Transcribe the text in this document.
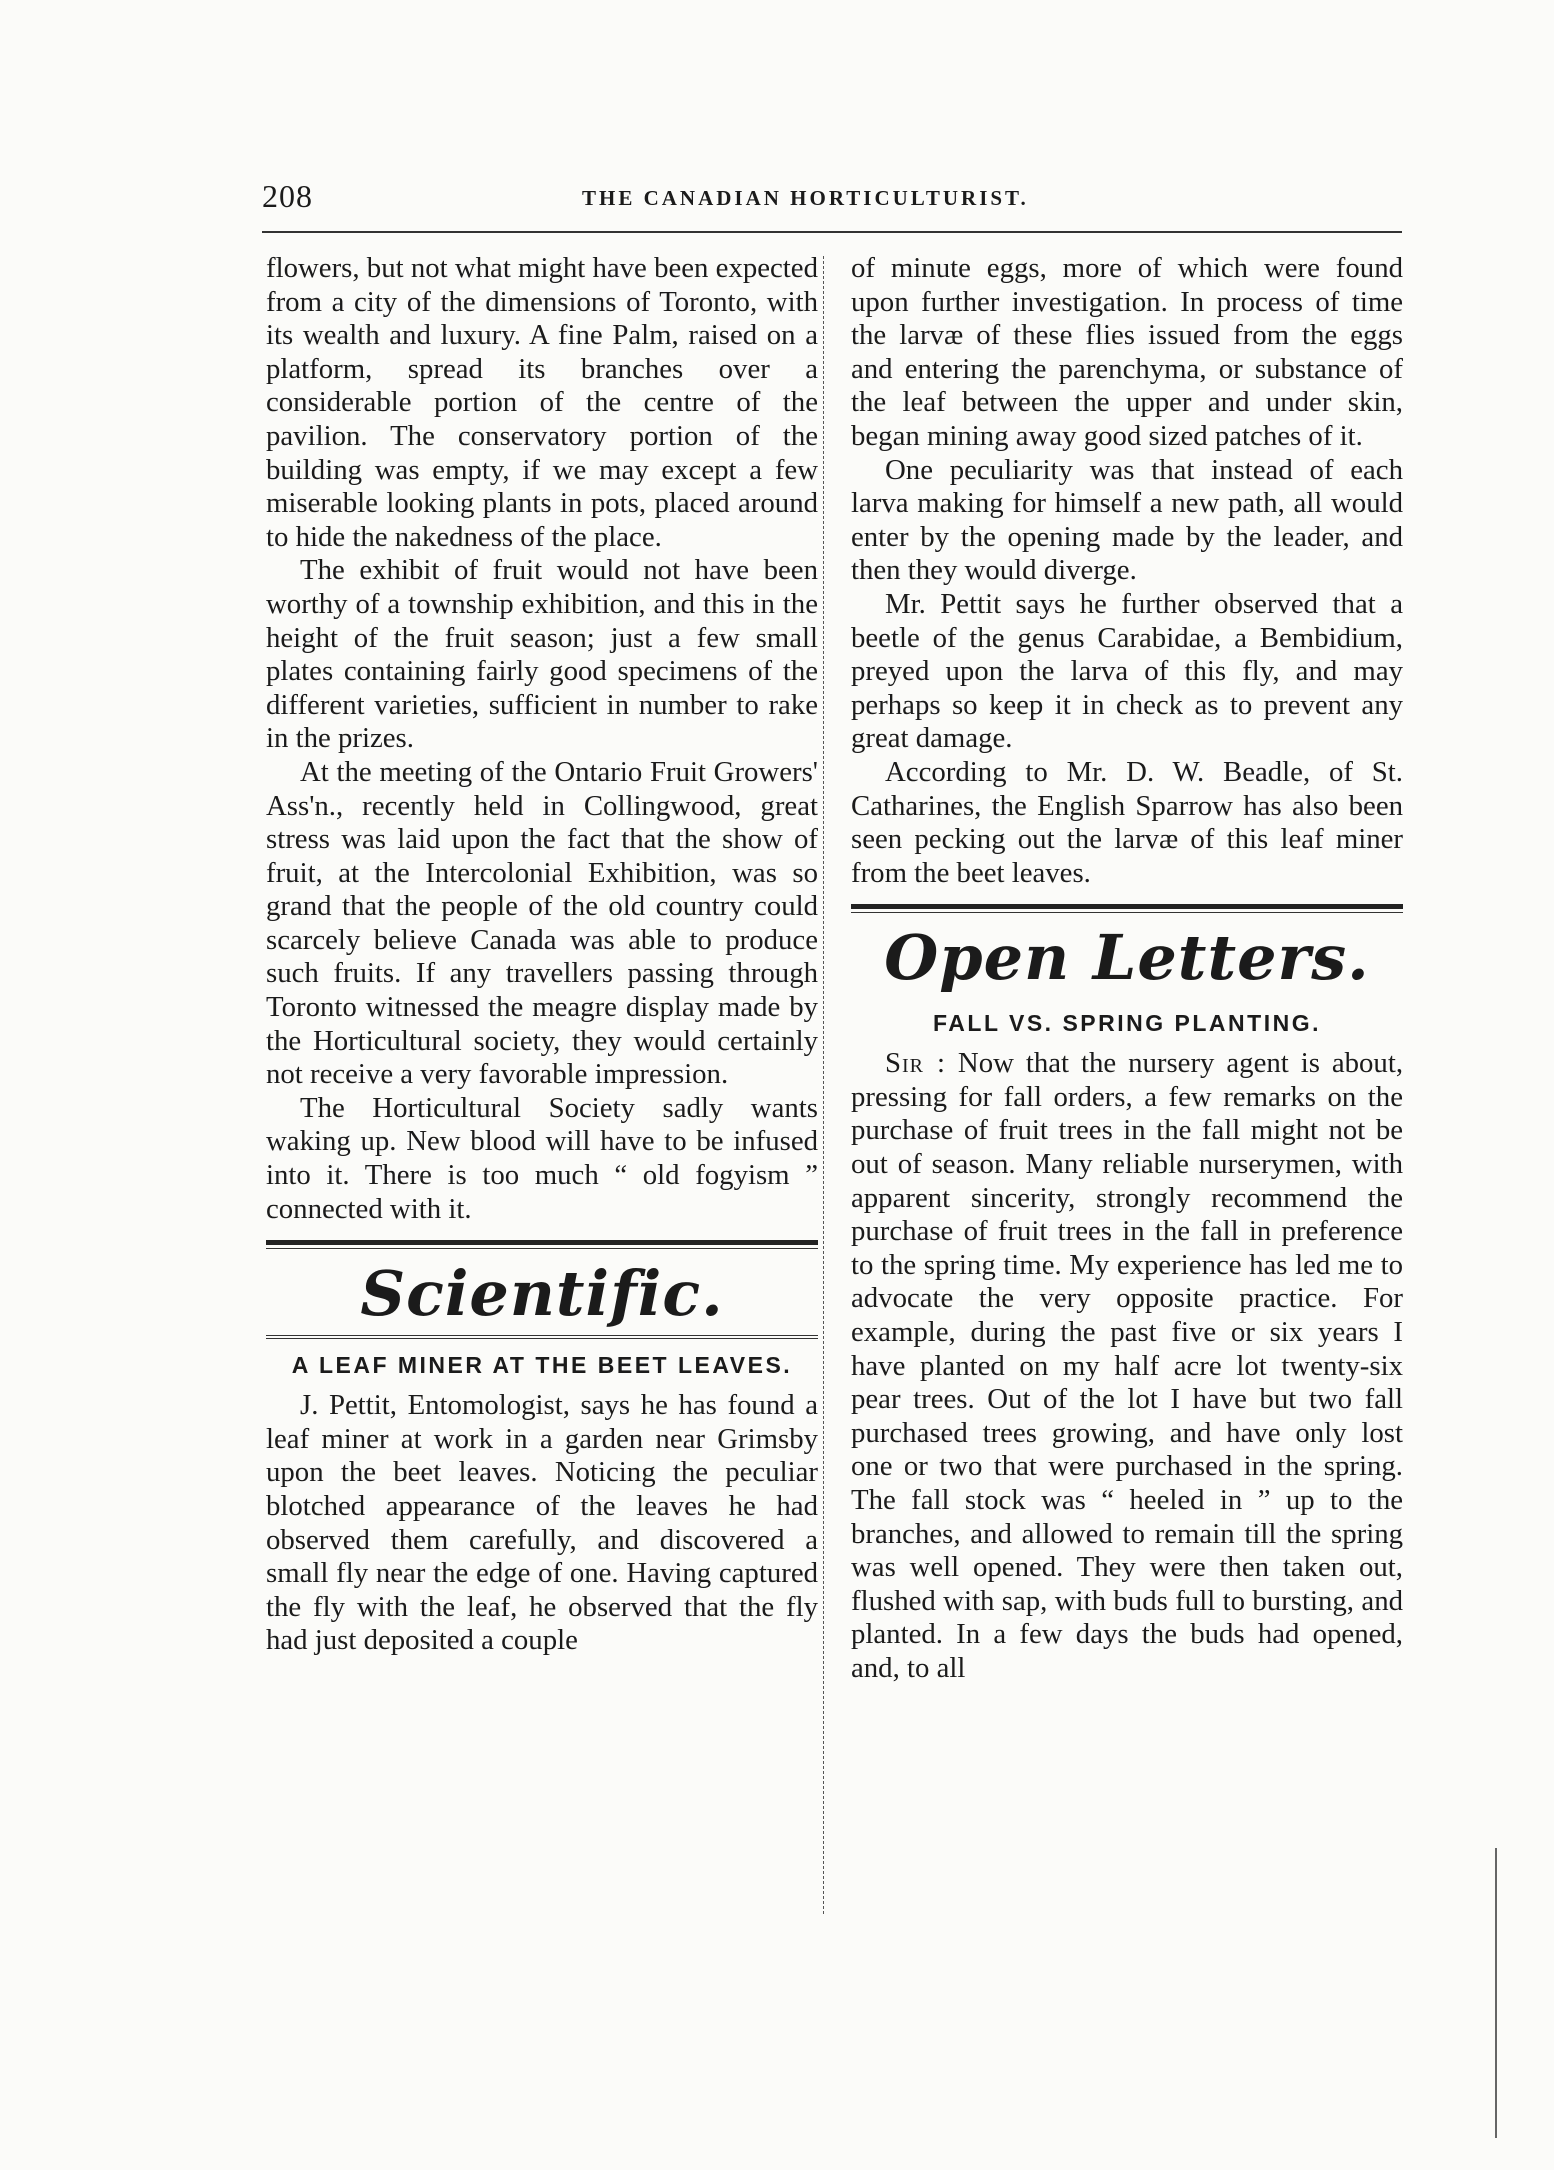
208	THE CANADIAN HORTICULTURIST.

flowers, but not what might have been expected from a city of the dimensions of Toronto, with its wealth and luxury. A fine Palm, raised on a platform, spread its branches over a considerable portion of the centre of the pavilion. The conservatory portion of the building was empty, if we may except a few miserable looking plants in pots, placed around to hide the nakedness of the place.

The exhibit of fruit would not have been worthy of a township exhibition, and this in the height of the fruit season; just a few small plates containing fairly good specimens of the different varieties, sufficient in number to rake in the prizes.

At the meeting of the Ontario Fruit Growers' Ass'n., recently held in Collingwood, great stress was laid upon the fact that the show of fruit, at the Intercolonial Exhibition, was so grand that the people of the old country could scarcely believe Canada was able to produce such fruits. If any travellers passing through Toronto witnessed the meagre display made by the Horticultural society, they would certainly not receive a very favorable impression.

The Horticultural Society sadly wants waking up. New blood will have to be infused into it. There is too much “ old fogyism ” connected with it.

Scientific.
A LEAF MINER AT THE BEET LEAVES.

J. Pettit, Entomologist, says he has found a leaf miner at work in a garden near Grimsby upon the beet leaves. Noticing the peculiar blotched appearance of the leaves he had observed them carefully, and discovered a small fly near the edge of one. Having captured the fly with the leaf, he observed that the fly had just deposited a couple

of minute eggs, more of which were found upon further investigation. In process of time the larvæ of these flies issued from the eggs and entering the parenchyma, or substance of the leaf between the upper and under skin, began mining away good sized patches of it.

One peculiarity was that instead of each larva making for himself a new path, all would enter by the opening made by the leader, and then they would diverge.

Mr. Pettit says he further observed that a beetle of the genus Carabidae, a Bembidium, preyed upon the larva of this fly, and may perhaps so keep it in check as to prevent any great damage.

According to Mr. D. W. Beadle, of St. Catharines, the English Sparrow has also been seen pecking out the larvæ of this leaf miner from the beet leaves.

Open Letters.
FALL VS. SPRING PLANTING.

Sir : Now that the nursery agent is about, pressing for fall orders, a few remarks on the purchase of fruit trees in the fall might not be out of season. Many reliable nurserymen, with apparent sincerity, strongly recommend the purchase of fruit trees in the fall in preference to the spring time. My experience has led me to advocate the very opposite practice. For example, during the past five or six years I have planted on my half acre lot twenty-six pear trees. Out of the lot I have but two fall purchased trees growing, and have only lost one or two that were purchased in the spring. The fall stock was “ heeled in ” up to the branches, and allowed to remain till the spring was well opened. They were then taken out, flushed with sap, with buds full to bursting, and planted. In a few days the buds had opened, and, to all
